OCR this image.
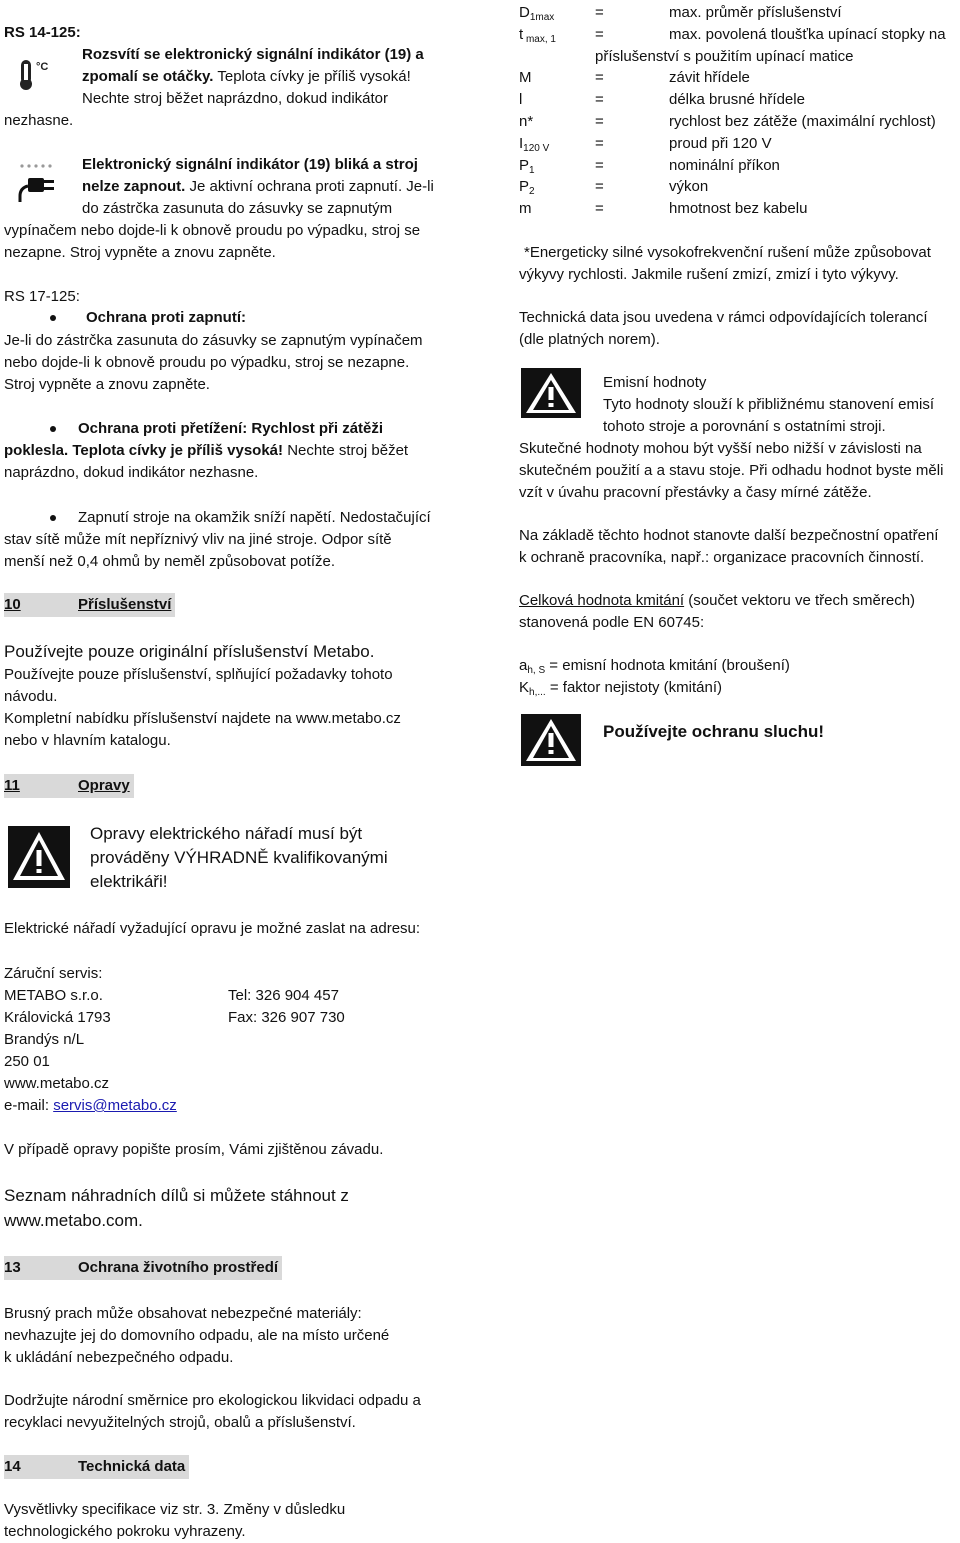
RS 14-125:
°C
Rozsvítí se elektronický signální indikátor (19) a
zpomalí se otáčky. Teplota cívky je příliš vysoká!
Nechte stroj běžet naprázdno, dokud indikátor
nezhasne.
Elektronický signální indikátor (19) bliká a stroj
nelze zapnout. Je aktivní ochrana proti zapnutí. Je-li
do zástrčka zasunuta do zásuvky se zapnutým
vypínačem nebo dojde-li k obnově proudu po výpadku, stroj se
nezapne. Stroj vypněte a znovu zapněte.
RS 17-125:
Ochrana proti zapnutí:
Je-li do zástrčka zasunuta do zásuvky se zapnutým vypínačem
nebo dojde-li k obnově proudu po výpadku, stroj se nezapne.
Stroj vypněte a znovu zapněte.
Ochrana proti přetížení: Rychlost při zátěži
poklesla. Teplota cívky je příliš vysoká! Nechte stroj běžet
naprázdno, dokud indikátor nezhasne.
Zapnutí stroje na okamžik sníží napětí. Nedostačující
stav sítě může mít nepříznivý vliv na jiné stroje. Odpor sítě
menší než 0,4 ohmů by neměl způsobovat potíže.
10	Příslušenství
Používejte pouze originální příslušenství Metabo.
Používejte pouze příslušenství, splňující požadavky tohoto
návodu.
Kompletní nabídku příslušenství najdete na www.metabo.cz
nebo v hlavním katalogu.
11	Opravy
Opravy elektrického nářadí musí být
prováděny VÝHRADNĚ kvalifikovanými
elektrikáři!
Elektrické nářadí vyžadující opravu je možné zaslat na adresu:
Záruční servis:
METABO s.r.o.	Tel: 326 904 457
Královická 1793	Fax: 326 907 730
Brandýs n/L
250 01
www.metabo.cz
e-mail: servis@metabo.cz
V případě opravy popište prosím, Vámi zjištěnou závadu.
Seznam náhradních dílů si můžete stáhnout z
www.metabo.com.
13	Ochrana životního prostředí
Brusný prach může obsahovat nebezpečné materiály:
nevhazujte jej do domovního odpadu, ale na místo určené
k ukládání nebezpečného odpadu.
Dodržujte národní směrnice pro ekologickou likvidaci odpadu a
recyklaci nevyužitelných strojů, obalů a příslušenství.
14	Technická data
Vysvětlivky specifikace viz str. 3. Změny v důsledku
technologického pokroku vyhrazeny.
$D_{1max}$	=	max. průměr příslušenství
t $_{max, 1}$	=	max. povolená tloušťka upínací stopky na
příslušenství s použitím upínací matice
M	=	závit hřídele
l	=	délka brusné hřídele
n*	=	rychlost bez zátěže (maximální rychlost)
$I_{120 V}$	=	proud při 120 V
$P_1$	=	nominální příkon
$P_2$	=	výkon
m	=	hmotnost bez kabelu
*Energeticky silné vysokofrekvenční rušení může způsobovat
výkyvy rychlosti. Jakmile rušení zmizí, zmizí i tyto výkyvy.
Technická data jsou uvedena v rámci odpovídajících tolerancí
(dle platných norem).
Emisní hodnoty
Tyto hodnoty slouží k přibližnému stanovení emisí
tohoto stroje a porovnání s ostatními stroji.
Skutečné hodnoty mohou být vyšší nebo nižší v závislosti na
skutečném použití a a stavu stoje. Při odhadu hodnot byste měli
vzít v úvahu pracovní přestávky a časy mírné zátěže.
Na základě těchto hodnot stanovte další bezpečnostní opatření
k ochraně pracovníka, např.: organizace pracovních činností.
Celková hodnota kmitání (součet vektoru ve třech směrech)
stanovená podle EN 60745:
$a_{h, S}$ = emisní hodnota kmitání (broušení)
$K_{h,...}$ = faktor nejistoty (kmitání)
Používejte ochranu sluchu!
